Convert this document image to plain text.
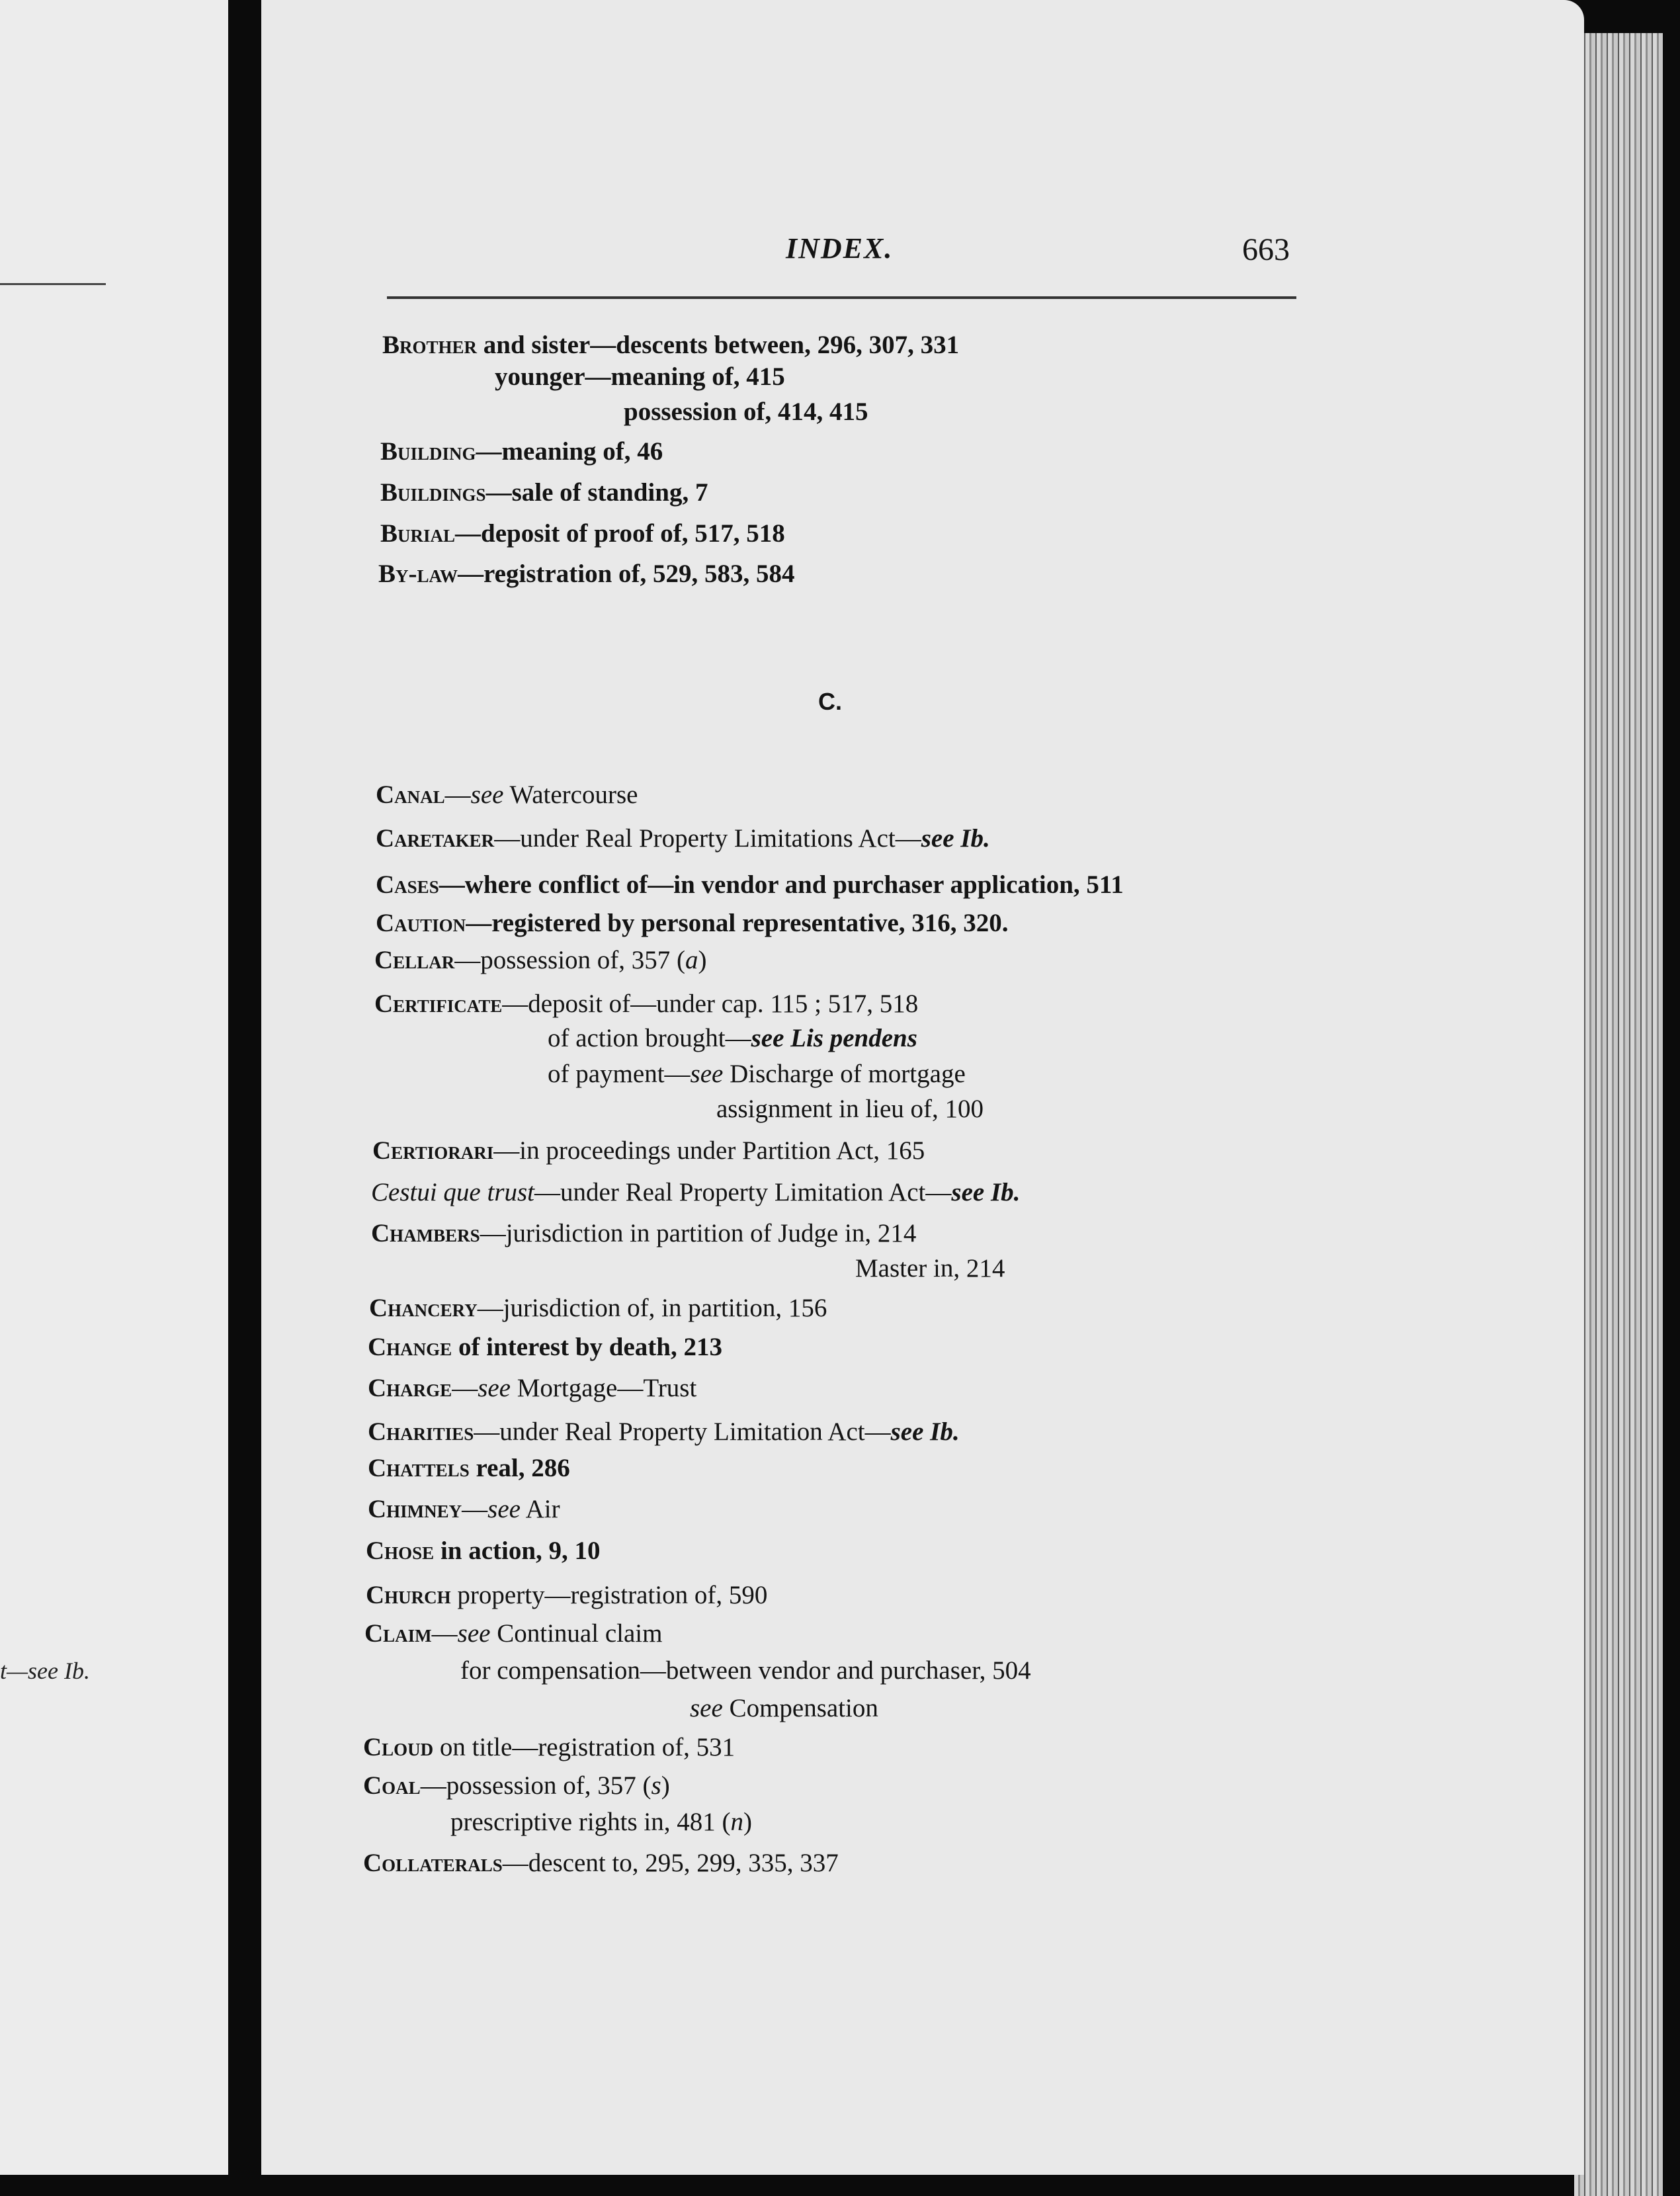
t—see Ib.
INDEX.	663
Brother and sister—descents between, 296, 307, 331
younger—meaning of, 415
possession of, 414, 415
Building—meaning of, 46
Buildings—sale of standing, 7
Burial—deposit of proof of, 517, 518
By-law—registration of, 529, 583, 584
C.
Canal—see Watercourse
Caretaker—under Real Property Limitations Act—see Ib.
Cases—where conflict of—in vendor and purchaser application, 511
Caution—registered by personal representative, 316, 320.
Cellar—possession of, 357 (a)
Certificate—deposit of—under cap. 115 ; 517, 518
of action brought—see Lis pendens
of payment—see Discharge of mortgage
assignment in lieu of, 100
Certiorari—in proceedings under Partition Act, 165
Cestui que trust—under Real Property Limitation Act—see Ib.
Chambers—jurisdiction in partition of Judge in, 214
Master in, 214
Chancery—jurisdiction of, in partition, 156
Change of interest by death, 213
Charge—see Mortgage—Trust
Charities—under Real Property Limitation Act—see Ib.
Chattels real, 286
Chimney—see Air
Chose in action, 9, 10
Church property—registration of, 590
Claim—see Continual claim
for compensation—between vendor and purchaser, 504
see Compensation
Cloud on title—registration of, 531
Coal—possession of, 357 (s)
prescriptive rights in, 481 (n)
Collaterals—descent to, 295, 299, 335, 337
